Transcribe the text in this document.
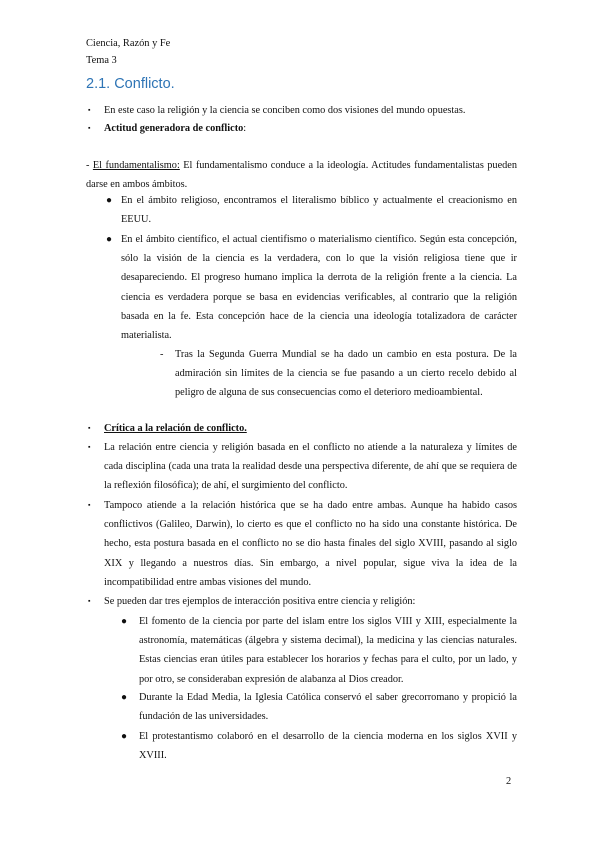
Ciencia, Razón y Fe
Tema 3
2.1. Conflicto.
▪ En este caso la religión y la ciencia se conciben como dos visiones del mundo opuestas.
▪ Actitud generadora de conflicto:
- El fundamentalismo: El fundamentalismo conduce a la ideología. Actitudes fundamentalistas pueden darse en ambos ámbitos.
● En el ámbito religioso, encontramos el literalismo bíblico y actualmente el creacionismo en EEUU.
● En el ámbito científico, el actual cientifismo o materialismo científico. Según esta concepción, sólo la visión de la ciencia es la verdadera, con lo que la visión religiosa tiene que ir desapareciendo. El progreso humano implica la derrota de la religión frente a la ciencia. La ciencia es verdadera porque se basa en evidencias verificables, al contrario que la religión basada en la fe. Esta concepción hace de la ciencia una ideología totalizadora de carácter materialista.
- Tras la Segunda Guerra Mundial se ha dado un cambio en esta postura. De la admiración sin límites de la ciencia se fue pasando a un cierto recelo debido al peligro de alguna de sus consecuencias como el deterioro medioambiental.
▪ Crítica a la relación de conflicto.
▪ La relación entre ciencia y religión basada en el conflicto no atiende a la naturaleza y límites de cada disciplina (cada una trata la realidad desde una perspectiva diferente, de ahí que se requiera de la reflexión filosófica); de ahí, el surgimiento del conflicto.
▪ Tampoco atiende a la relación histórica que se ha dado entre ambas. Aunque ha habido casos conflictivos (Galileo, Darwin), lo cierto es que el conflicto no ha sido una constante histórica. De hecho, esta postura basada en el conflicto no se dio hasta finales del siglo XVIII, pasando al siglo XIX y llegando a nuestros días. Sin embargo, a nivel popular, sigue viva la idea de la incompatibilidad entre ambas visiones del mundo.
▪ Se pueden dar tres ejemplos de interacción positiva entre ciencia y religión:
● El fomento de la ciencia por parte del islam entre los siglos VIII y XIII, especialmente la astronomía, matemáticas (álgebra y sistema decimal), la medicina y las ciencias naturales. Estas ciencias eran útiles para establecer los horarios y fechas para el culto, por un lado, y por otro, se consideraban expresión de alabanza al Dios creador.
● Durante la Edad Media, la Iglesia Católica conservó el saber grecorromano y propició la fundación de las universidades.
● El protestantismo colaboró en el desarrollo de la ciencia moderna en los siglos XVII y XVIII.
2
